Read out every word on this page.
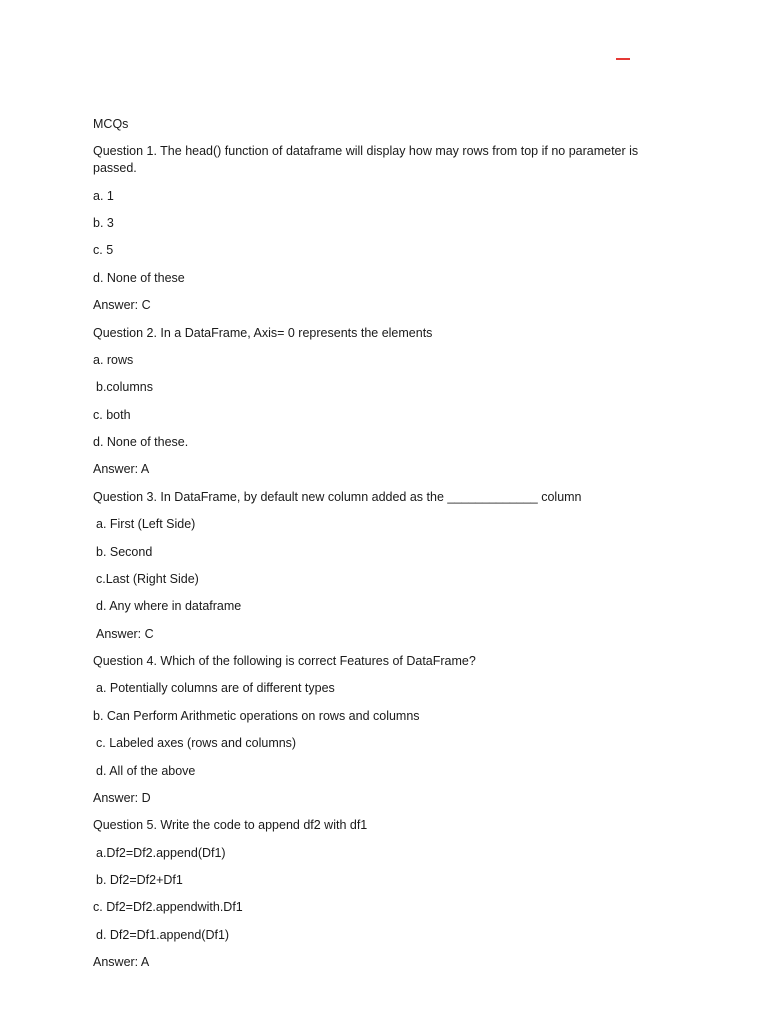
MCQs
Question 1. The head() function of dataframe will display how may rows from top if no parameter is passed.
a. 1
b. 3
c. 5
d. None of these
Answer: C
Question 2. In a DataFrame, Axis= 0 represents the elements
a. rows
b.columns
c. both
d. None of these.
Answer: A
Question 3. In DataFrame, by default new column added as the _____________ column
a. First (Left Side)
b. Second
c.Last (Right Side)
d. Any where in dataframe
Answer: C
Question 4. Which of the following is correct Features of DataFrame?
a. Potentially columns are of different types
b. Can Perform Arithmetic operations on rows and columns
c. Labeled axes (rows and columns)
d. All of the above
Answer: D
Question 5. Write the code to append df2 with df1
a.Df2=Df2.append(Df1)
b. Df2=Df2+Df1
c. Df2=Df2.appendwith.Df1
d. Df2=Df1.append(Df1)
Answer: A
